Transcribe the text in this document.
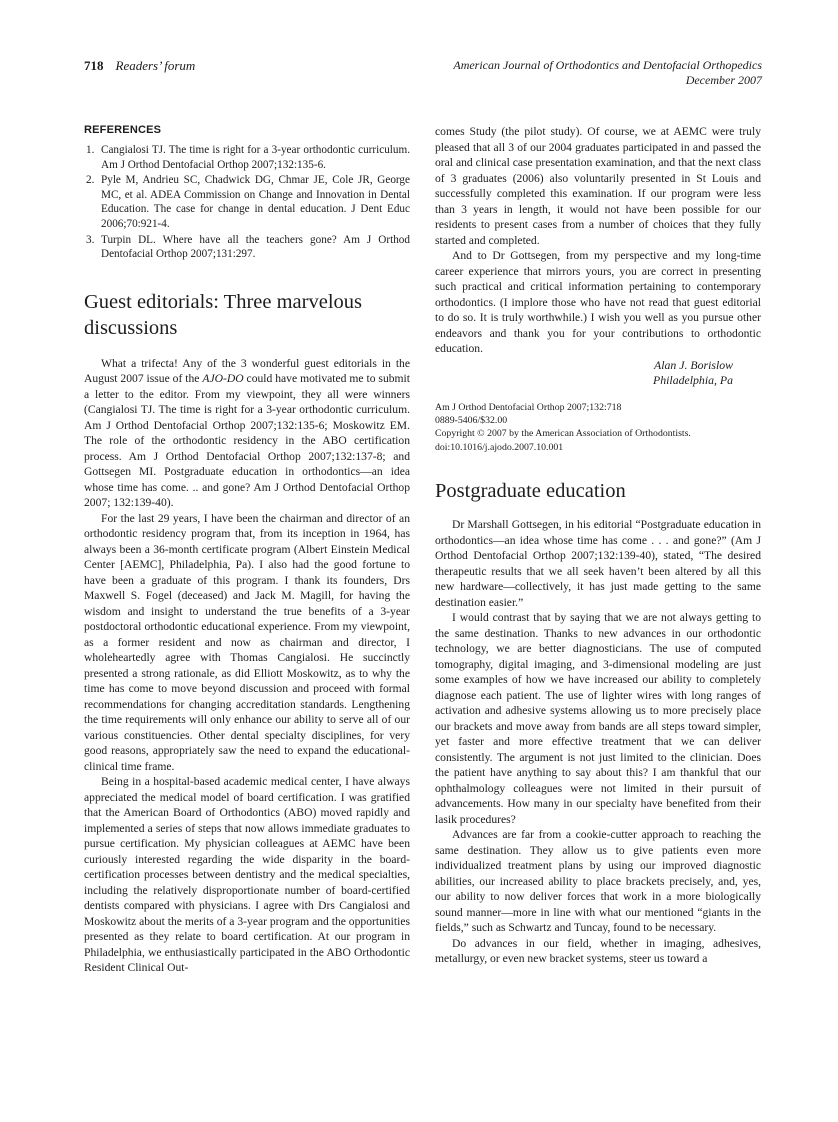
718 Readers’ forum	American Journal of Orthodontics and Dentofacial Orthopedics
December 2007
REFERENCES
1. Cangialosi TJ. The time is right for a 3-year orthodontic curriculum. Am J Orthod Dentofacial Orthop 2007;132:135-6.
2. Pyle M, Andrieu SC, Chadwick DG, Chmar JE, Cole JR, George MC, et al. ADEA Commission on Change and Innovation in Dental Education. The case for change in dental education. J Dent Educ 2006;70:921-4.
3. Turpin DL. Where have all the teachers gone? Am J Orthod Dentofacial Orthop 2007;131:297.
Guest editorials: Three marvelous discussions

What a trifecta! Any of the 3 wonderful guest editorials in the August 2007 issue of the AJO-DO could have motivated me to submit a letter to the editor. From my viewpoint, they all were winners (Cangialosi TJ. The time is right for a 3-year orthodontic curriculum. Am J Orthod Dentofacial Orthop 2007;132:135-6; Moskowitz EM. The role of the orthodontic residency in the ABO certification process. Am J Orthod Dentofacial Orthop 2007;132:137-8; and Gottsegen MI. Postgraduate education in orthodontics—an idea whose time has come. .. and gone? Am J Orthod Dentofacial Orthop 2007; 132:139-40).

For the last 29 years, I have been the chairman and director of an orthodontic residency program that, from its inception in 1964, has always been a 36-month certificate program (Albert Einstein Medical Center [AEMC], Philadelphia, Pa). I also had the good fortune to have been a graduate of this program. I thank its founders, Drs Maxwell S. Fogel (deceased) and Jack M. Magill, for having the wisdom and insight to understand the true benefits of a 3-year postdoctoral orthodontic educational experience. From my viewpoint, as a former resident and now as chairman and director, I wholeheartedly agree with Thomas Cangialosi. He succinctly presented a strong rationale, as did Elliott Moskowitz, as to why the time has come to move beyond discussion and proceed with formal recommendations for changing accreditation standards. Lengthening the time requirements will only enhance our ability to serve all of our various constituencies. Other dental specialty disciplines, for very good reasons, appropriately saw the need to expand the educational-clinical time frame.

Being in a hospital-based academic medical center, I have always appreciated the medical model of board certification. I was gratified that the American Board of Orthodontics (ABO) moved rapidly and implemented a series of steps that now allows immediate graduates to pursue certification. My physician colleagues at AEMC have been curiously interested regarding the wide disparity in the board-certification processes between dentistry and the medical specialties, including the relatively disproportionate number of board-certified dentists compared with physicians. I agree with Drs Cangialosi and Moskowitz about the merits of a 3-year program and the opportunities presented as they relate to board certification. At our program in Philadelphia, we enthusiastically participated in the ABO Orthodontic Resident Clinical Out-

comes Study (the pilot study). Of course, we at AEMC were truly pleased that all 3 of our 2004 graduates participated in and passed the oral and clinical case presentation examination, and that the next class of 3 graduates (2006) also voluntarily presented in St Louis and successfully completed this examination. If our program were less than 3 years in length, it would not have been possible for our residents to present cases from a number of choices that they fully started and completed.

And to Dr Gottsegen, from my perspective and my long-time career experience that mirrors yours, you are correct in presenting such practical and critical information pertaining to contemporary orthodontics. (I implore those who have not read that guest editorial to do so. It is truly worthwhile.) I wish you well as you pursue other endeavors and thank you for your contributions to orthodontic education.

Alan J. Borislow
Philadelphia, Pa
Am J Orthod Dentofacial Orthop 2007;132:718
0889-5406/$32.00
Copyright © 2007 by the American Association of Orthodontists.
doi:10.1016/j.ajodo.2007.10.001
Postgraduate education

Dr Marshall Gottsegen, in his editorial “Postgraduate education in orthodontics—an idea whose time has come . . . and gone?” (Am J Orthod Dentofacial Orthop 2007;132:139-40), stated, “The desired therapeutic results that we all seek haven’t been altered by all this new hardware—collectively, it has just made getting to the same destination easier.”

I would contrast that by saying that we are not always getting to the same destination. Thanks to new advances in our orthodontic technology, we are better diagnosticians. The use of computed tomography, digital imaging, and 3-dimensional modeling are just some examples of how we have increased our ability to completely diagnose each patient. The use of lighter wires with long ranges of activation and adhesive systems allowing us to more precisely place our brackets and move away from bands are all steps toward simpler, yet faster and more effective treatment that we can deliver consistently. The argument is not just limited to the clinician. Does the patient have anything to say about this? I am thankful that our ophthalmology colleagues were not limited in their pursuit of advancements. How many in our specialty have benefited from their lasik procedures?

Advances are far from a cookie-cutter approach to reaching the same destination. They allow us to give patients even more individualized treatment plans by using our improved diagnostic abilities, our increased ability to place brackets precisely, and, yes, our ability to now deliver forces that work in a more biologically sound manner—more in line with what our mentioned “giants in the fields,” such as Schwartz and Tuncay, found to be necessary.

Do advances in our field, whether in imaging, adhesives, metallurgy, or even new bracket systems, steer us toward a
